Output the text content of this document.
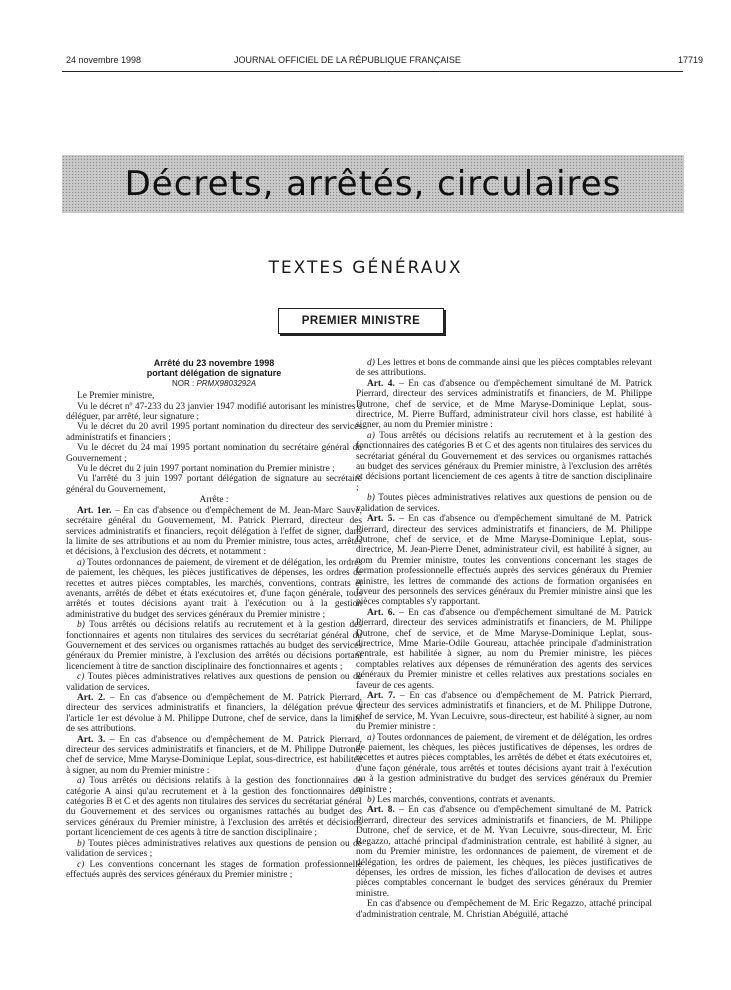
24 novembre 1998	JOURNAL OFFICIEL DE LA RÉPUBLIQUE FRANÇAISE	17719
Décrets, arrêtés, circulaires
TEXTES GÉNÉRAUX
PREMIER MINISTRE
Arrêté du 23 novembre 1998
portant délégation de signature
NOR : PRMX9803292A

Le Premier ministre,

Vu le décret nº 47-233 du 23 janvier 1947 modifié autorisant les ministres à déléguer, par arrêté, leur signature ;

Vu le décret du 20 avril 1995 portant nomination du directeur des services administratifs et financiers ;

Vu le décret du 24 mai 1995 portant nomination du secrétaire général du Gouvernement ;

Vu le décret du 2 juin 1997 portant nomination du Premier ministre ;

Vu l'arrêté du 3 juin 1997 portant délégation de signature au secrétaire général du Gouvernement,

Arrête :

Art. 1er. – En cas d'absence ou d'empêchement de M. Jean-Marc Sauvé, secrétaire général du Gouvernement, M. Patrick Pierrard, directeur des services administratifs et financiers, reçoit délégation à l'effet de signer, dans la limite de ses attributions et au nom du Premier ministre, tous actes, arrêtés et décisions, à l'exclusion des décrets, et notamment :

a) Toutes ordonnances de paiement, de virement et de délégation, les ordres de paiement, les chèques, les pièces justificatives de dépenses, les ordres de recettes et autres pièces comptables, les marchés, conventions, contrats et avenants, arrêtés de débet et états exécutoires et, d'une façon générale, tous arrêtés et toutes décisions ayant trait à l'exécution ou à la gestion administrative du budget des services généraux du Premier ministre ;

b) Tous arrêtés ou décisions relatifs au recrutement et à la gestion des fonctionnaires et agents non titulaires des services du secrétariat général du Gouvernement et des services ou organismes rattachés au budget des services généraux du Premier ministre, à l'exclusion des arrêtés ou décisions portant licenciement à titre de sanction disciplinaire des fonctionnaires et agents ;

c) Toutes pièces administratives relatives aux questions de pension ou de validation de services.

Art. 2. – En cas d'absence ou d'empêchement de M. Patrick Pierrard, directeur des services administratifs et financiers, la délégation prévue à l'article 1er est dévolue à M. Philippe Dutrone, chef de service, dans la limite de ses attributions.

Art. 3. – En cas d'absence ou d'empêchement de M. Patrick Pierrard, directeur des services administratifs et financiers, et de M. Philippe Dutrone, chef de service, Mme Maryse-Dominique Leplat, sous-directrice, est habilitée à signer, au nom du Premier ministre :

a) Tous arrêtés ou décisions relatifs à la gestion des fonctionnaires de catégorie A ainsi qu'au recrutement et à la gestion des fonctionnaires des catégories B et C et des agents non titulaires des services du secrétariat général du Gouvernement et des services ou organismes rattachés au budget des services généraux du Premier ministre, à l'exclusion des arrêtés et décisions portant licenciement de ces agents à titre de sanction disciplinaire ;

b) Toutes pièces administratives relatives aux questions de pension ou de validation de services ;

c) Les conventions concernant les stages de formation professionnelle effectués auprès des services généraux du Premier ministre ;

d) Les lettres et bons de commande ainsi que les pièces comptables relevant de ses attributions.

Art. 4. – En cas d'absence ou d'empêchement simultané de M. Patrick Pierrard, directeur des services administratifs et financiers, de M. Philippe Dutrone, chef de service, et de Mme Maryse-Dominique Leplat, sous-directrice, M. Pierre Buffard, administrateur civil hors classe, est habilité à signer, au nom du Premier ministre :

a) Tous arrêtés ou décisions relatifs au recrutement et à la gestion des fonctionnaires des catégories B et C et des agents non titulaires des services du secrétariat général du Gouvernement et des services ou organismes rattachés au budget des services généraux du Premier ministre, à l'exclusion des arrêtés et décisions portant licenciement de ces agents à titre de sanction disciplinaire ;

b) Toutes pièces administratives relatives aux questions de pension ou de validation de services.

Art. 5. – En cas d'absence ou d'empêchement simultané de M. Patrick Pierrard, directeur des services administratifs et financiers, de M. Philippe Dutrone, chef de service, et de Mme Maryse-Dominique Leplat, sous-directrice, M. Jean-Pierre Denet, administrateur civil, est habilité à signer, au nom du Premier ministre, toutes les conventions concernant les stages de formation professionnelle effectués auprès des services généraux du Premier ministre, les lettres de commande des actions de formation organisées en faveur des personnels des services généraux du Premier ministre ainsi que les pièces comptables s'y rapportant.

Art. 6. – En cas d'absence ou d'empêchement simultané de M. Patrick Pierrard, directeur des services administratifs et financiers, de M. Philippe Dutrone, chef de service, et de Mme Maryse-Dominique Leplat, sous-directrice, Mme Marie-Odile Goureau, attachée principale d'administration centrale, est habilitée à signer, au nom du Premier ministre, les pièces comptables relatives aux dépenses de rémunération des agents des services généraux du Premier ministre et celles relatives aux prestations sociales en faveur de ces agents.

Art. 7. – En cas d'absence ou d'empêchement de M. Patrick Pierrard, directeur des services administratifs et financiers, et de M. Philippe Dutrone, chef de service, M. Yvan Lecuivre, sous-directeur, est habilité à signer, au nom du Premier ministre :

a) Toutes ordonnances de paiement, de virement et de délégation, les ordres de paiement, les chèques, les pièces justificatives de dépenses, les ordres de recettes et autres pièces comptables, les arrêtés de débet et états exécutoires et, d'une façon générale, tous arrêtés et toutes décisions ayant trait à l'exécution ou à la gestion administrative du budget des services généraux du Premier ministre ;

b) Les marchés, conventions, contrats et avenants.

Art. 8. – En cas d'absence ou d'empêchement simultané de M. Patrick Pierrard, directeur des services administratifs et financiers, de M. Philippe Dutrone, chef de service, et de M. Yvan Lecuivre, sous-directeur, M. Eric Regazzo, attaché principal d'administration centrale, est habilité à signer, au nom du Premier ministre, les ordonnances de paiement, de virement et de délégation, les ordres de paiement, les chèques, les pièces justificatives de dépenses, les ordres de mission, les fiches d'allocation de devises et autres pièces comptables concernant le budget des services généraux du Premier ministre.

En cas d'absence ou d'empêchement de M. Eric Regazzo, attaché principal d'administration centrale, M. Christian Abéguilé, attaché
